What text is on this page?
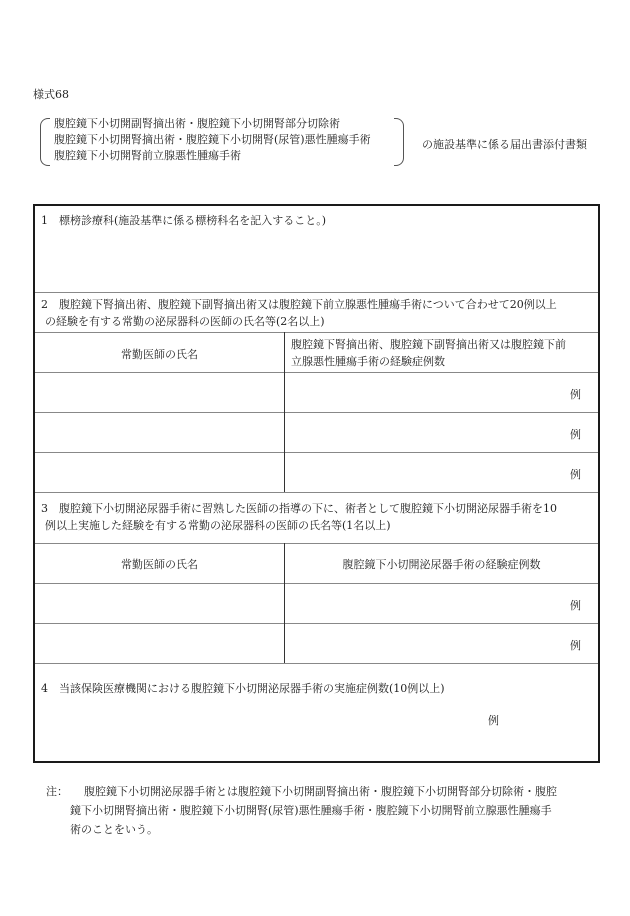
様式68
腹腔鏡下小切開副腎摘出術・腹腔鏡下小切開腎部分切除術
腹腔鏡下小切開腎摘出術・腹腔鏡下小切開腎(尿管)悪性腫瘍手術
腹腔鏡下小切開腎前立腺悪性腫瘍手術
の施設基準に係る届出書添付書類
1　標榜診療科(施設基準に係る標榜科名を記入すること。)
2　腹腔鏡下腎摘出術、腹腔鏡下副腎摘出術又は腹腔鏡下前立腺悪性腫瘍手術について合わせて20例以上
の経験を有する常勤の泌尿器科の医師の氏名等(2名以上)
常勤医師の氏名
腹腔鏡下腎摘出術、腹腔鏡下副腎摘出術又は腹腔鏡下前
立腺悪性腫瘍手術の経験症例数
例
例
例
3　腹腔鏡下小切開泌尿器手術に習熟した医師の指導の下に、術者として腹腔鏡下小切開泌尿器手術を10
例以上実施した経験を有する常勤の泌尿器科の医師の氏名等(1名以上)
常勤医師の氏名	腹腔鏡下小切開泌尿器手術の経験症例数
例
例
4　当該保険医療機関における腹腔鏡下小切開泌尿器手術の実施症例数(10例以上)
例
注： 腹腔鏡下小切開泌尿器手術とは腹腔鏡下小切開副腎摘出術・腹腔鏡下小切開腎部分切除術・腹腔
鏡下小切開腎摘出術・腹腔鏡下小切開腎(尿管)悪性腫瘍手術・腹腔鏡下小切開腎前立腺悪性腫瘍手
術のことをいう。
